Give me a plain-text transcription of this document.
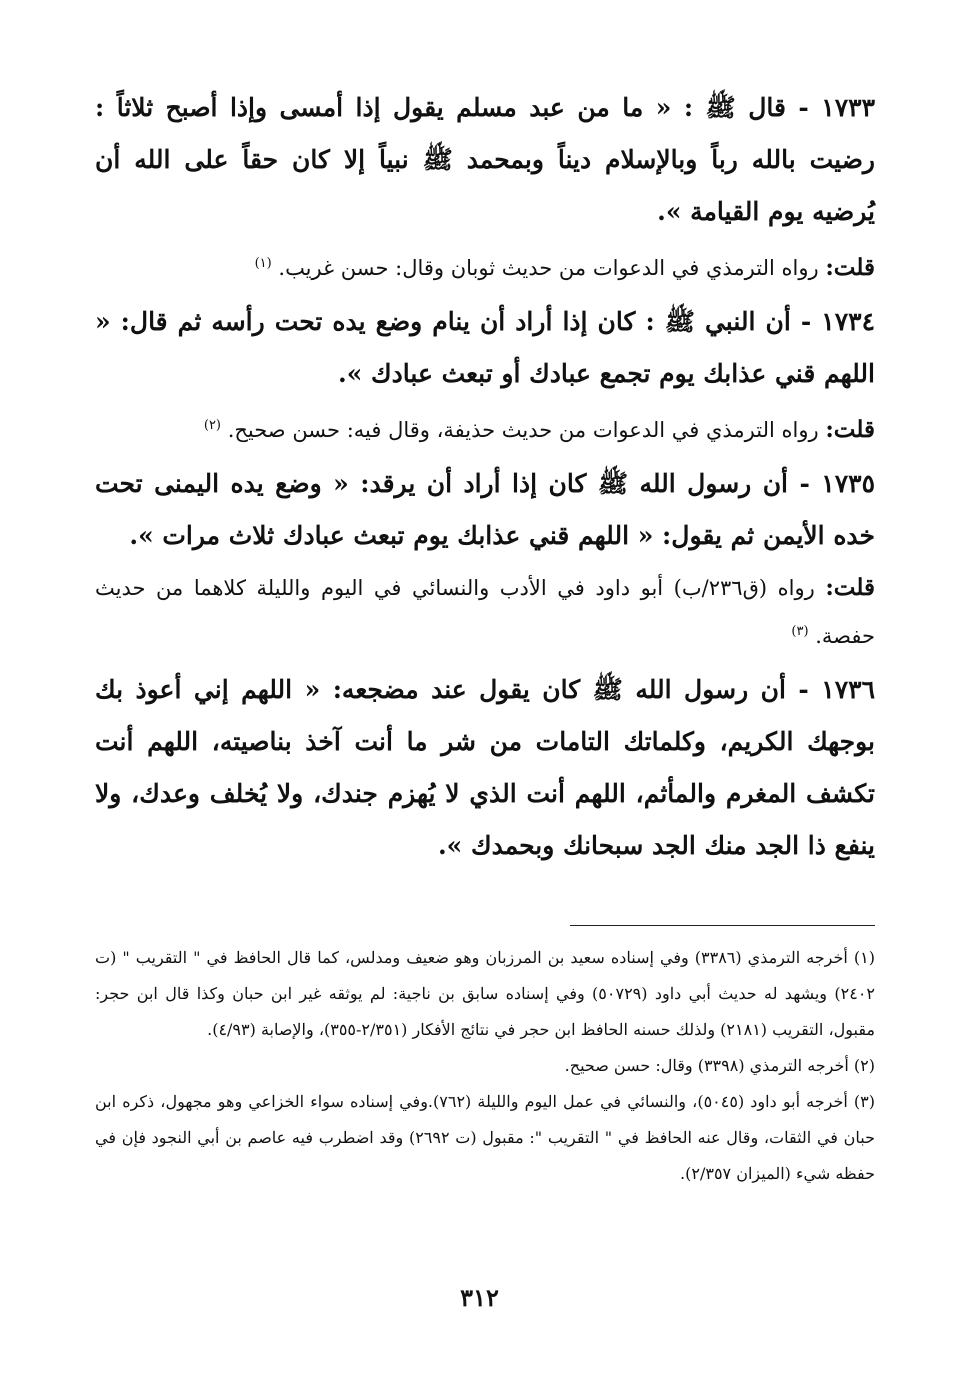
١٧٣٣ - قال ﷺ : « ما من عبد مسلم يقول إذا أمسى وإذا أصبح ثلاثاً : رضيت بالله رباً وبالإسلام ديناً وبمحمد ﷺ نبياً إلا كان حقاً على الله أن يُرضيه يوم القيامة ».

قلت: رواه الترمذي في الدعوات من حديث ثوبان وقال: حسن غريب. $^{(١)}$

١٧٣٤ - أن النبي ﷺ : كان إذا أراد أن ينام وضع يده تحت رأسه ثم قال: « اللهم قني عذابك يوم تجمع عبادك أو تبعث عبادك ».

قلت: رواه الترمذي في الدعوات من حديث حذيفة، وقال فيه: حسن صحيح. $^{(٢)}$

١٧٣٥ - أن رسول الله ﷺ كان إذا أراد أن يرقد: « وضع يده اليمنى تحت خده الأيمن ثم يقول: « اللهم قني عذابك يوم تبعث عبادك ثلاث مرات ».

قلت: رواه (ق٢٣٦/ب) أبو داود في الأدب والنسائي في اليوم والليلة كلاهما من حديث حفصة. $^{(٣)}$

١٧٣٦ - أن رسول الله ﷺ كان يقول عند مضجعه: « اللهم إني أعوذ بك بوجهك الكريم، وكلماتك التامات من شر ما أنت آخذ بناصيته، اللهم أنت تكشف المغرم والمأثم، اللهم أنت الذي لا يُهزم جندك، ولا يُخلف وعدك، ولا ينفع ذا الجد منك الجد سبحانك وبحمدك ».

(١) أخرجه الترمذي (٣٣٨٦) وفي إسناده سعيد بن المرزبان وهو ضعيف ومدلس، كما قال الحافظ في " التقريب " (ت ٢٤٠٢) ويشهد له حديث أبي داود (٥٠٧٢٩) وفي إسناده سابق بن ناجية: لم يوثقه غير ابن حبان وكذا قال ابن حجر: مقبول، التقريب (٢١٨١) ولذلك حسنه الحافظ ابن حجر في نتائج الأفكار (٢/٣٥١-٣٥٥)، والإصابة (٤/٩٣).

(٢) أخرجه الترمذي (٣٣٩٨) وقال: حسن صحيح.

(٣) أخرجه أبو داود (٥٠٤٥)، والنسائي في عمل اليوم والليلة (٧٦٢).وفي إسناده سواء الخزاعي وهو مجهول، ذكره ابن حبان في الثقات، وقال عنه الحافظ في " التقريب ": مقبول (ت ٢٦٩٢) وقد اضطرب فيه عاصم بن أبي النجود فإن في حفظه شيء (الميزان ٢/٣٥٧).

٣١٢
